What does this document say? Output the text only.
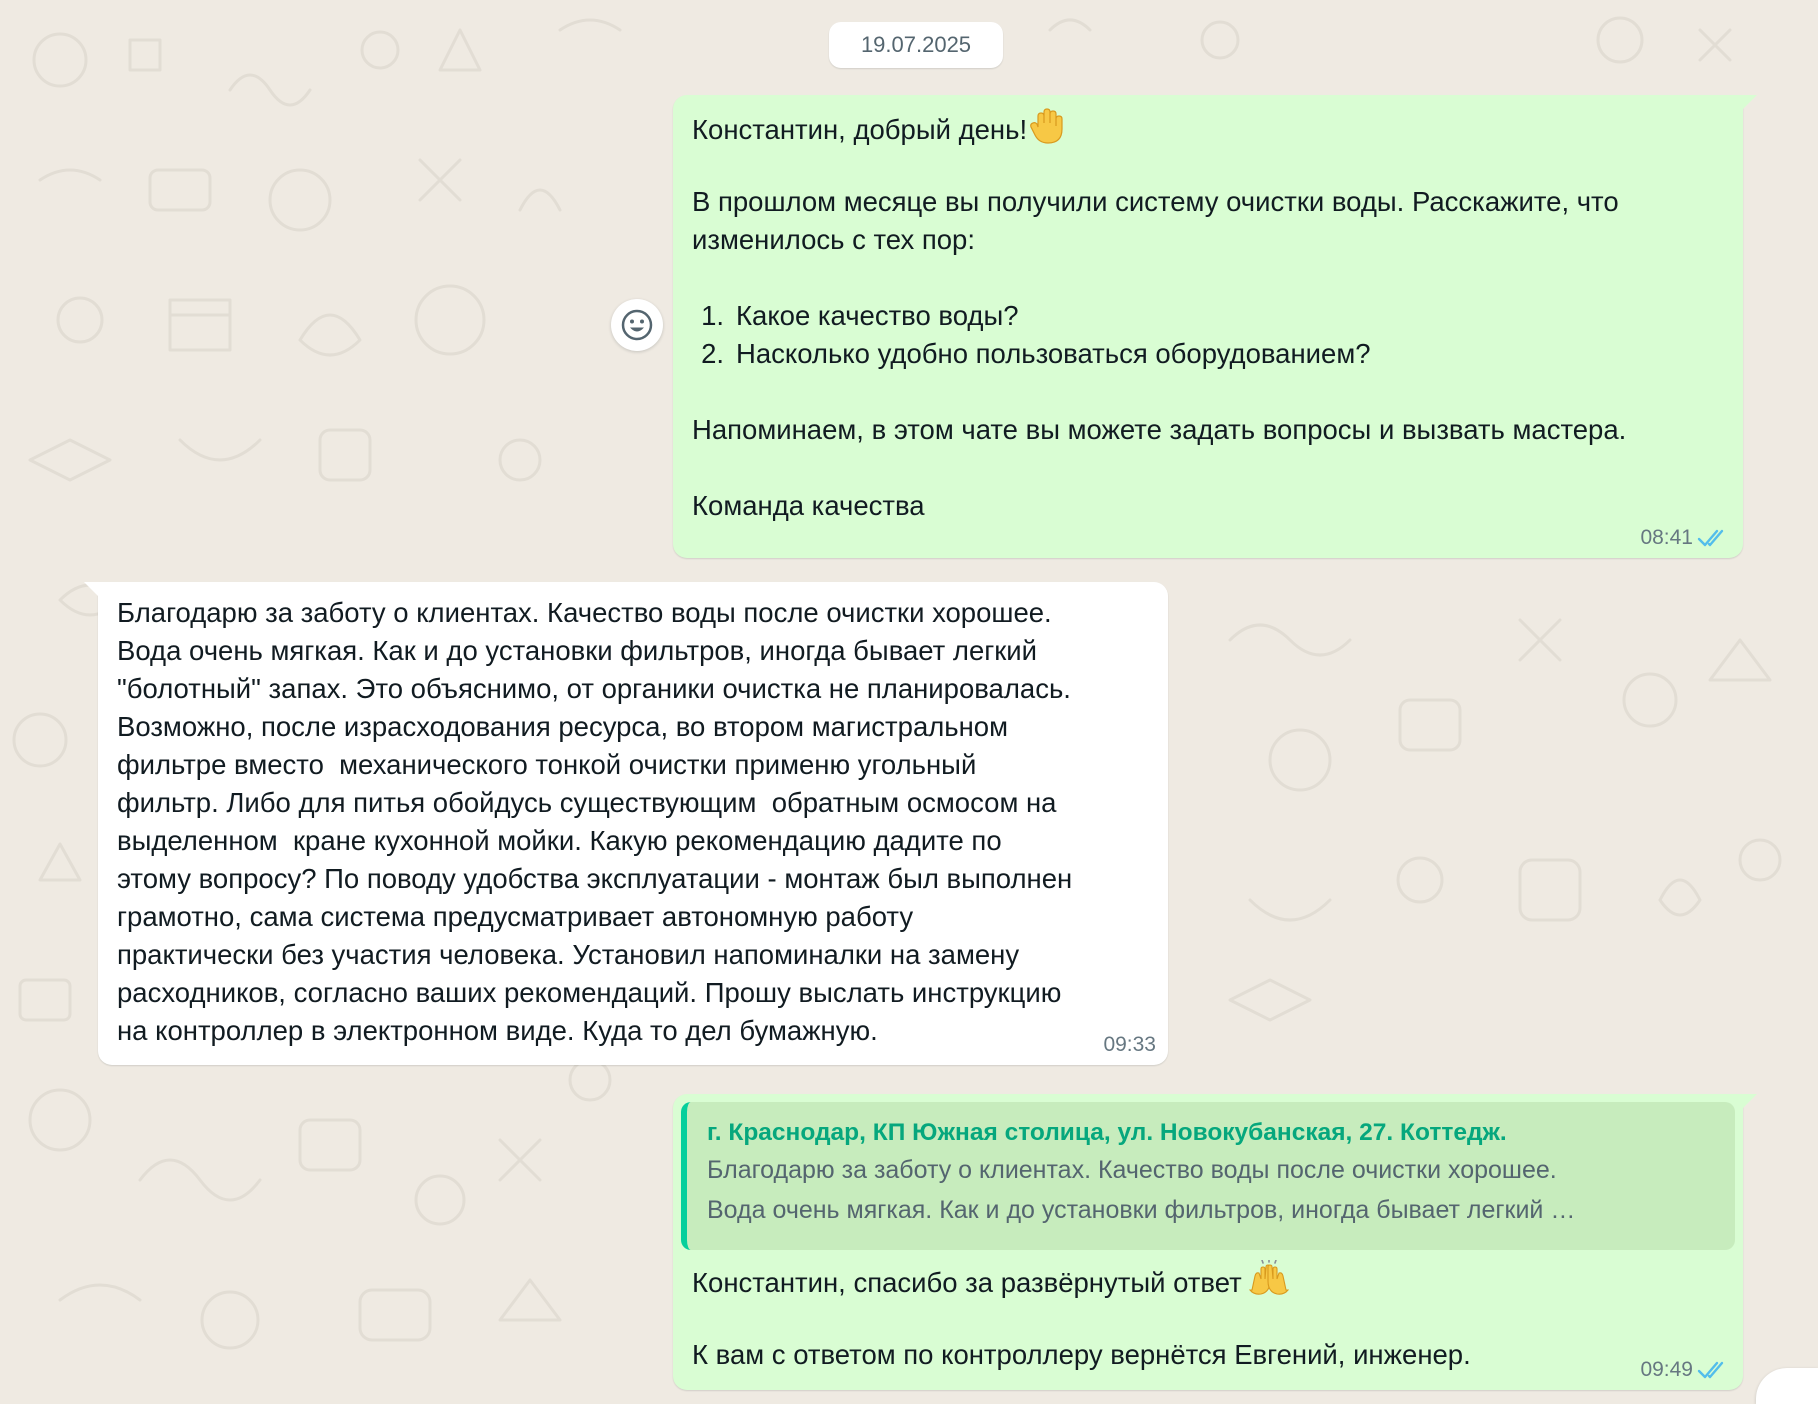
19.07.2025
Константин, добрый день!
В прошлом месяце вы получили систему очистки воды. Расскажите, что
изменилось с тех пор:
1. Какое качество воды?
2. Насколько удобно пользоваться оборудованием?
Напоминаем, в этом чате вы можете задать вопросы и вызвать мастера.
Команда качества
08:41
Благодарю за заботу о клиентах. Качество воды после очистки хорошее.
Вода очень мягкая. Как и до установки фильтров, иногда бывает легкий
"болотный" запах. Это объяснимо, от органики очистка не планировалась.
Возможно, после израсходования ресурса, во втором магистральном
фильтре вместо  механического тонкой очистки применю угольный
фильтр. Либо для питья обойдусь существующим  обратным осмосом на
выделенном  кране кухонной мойки. Какую рекомендацию дадите по
этому вопросу? По поводу удобства эксплуатации - монтаж был выполнен
грамотно, сама система предусматривает автономную работу
практически без участия человека. Установил напоминалки на замену
расходников, согласно ваших рекомендаций. Прошу выслать инструкцию
на контроллер в электронном виде. Куда то дел бумажную.	09:33
г. Краснодар, КП Южная столица, ул. Новокубанская, 27. Коттедж.
Благодарю за заботу о клиентах. Качество воды после очистки хорошее.
Вода очень мягкая. Как и до установки фильтров, иногда бывает легкий …
Константин, спасибо за развёрнутый ответ
К вам с ответом по контроллеру вернётся Евгений, инженер.	09:49
